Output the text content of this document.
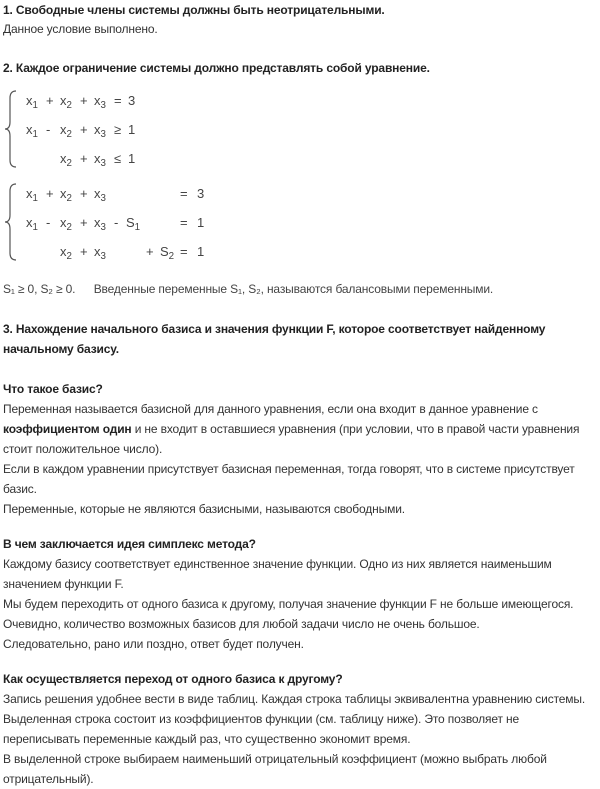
1. Свободные члены системы должны быть неотрицательными.
Данное условие выполнено.
2. Каждое ограничение системы должно представлять собой уравнение.
$x_1 + x_2 + x_3 = 3$
$x_1 - x_2 + x_3 \ge 1$
$x_2 + x_3 \le 1$
$x_1 + x_2 + x_3$	= 3
$x_1 - x_2 + x_3 - S_1$	= 1
$x_2 + x_3$	+ $S_2 = 1$
S₁ ≥ 0, S₂ ≥ 0. Введенные переменные S₁, S₂, называются балансовыми переменными.
3. Нахождение начального базиса и значения функции F, которое соответствует найденному
начальному базису.
Что такое базис?
Переменная называется базисной для данного уравнения, если она входит в данное уравнение с
коэффициентом один и не входит в оставшиеся уравнения (при условии, что в правой части уравнения
стоит положительное число).
Если в каждом уравнении присутствует базисная переменная, тогда говорят, что в системе присутствует
базис.
Переменные, которые не являются базисными, называются свободными.
В чем заключается идея симплекс метода?
Каждому базису соответствует единственное значение функции. Одно из них является наименьшим
значением функции F.
Мы будем переходить от одного базиса к другому, получая значение функции F не больше имеющегося.
Очевидно, количество возможных базисов для любой задачи число не очень большое.
Следовательно, рано или поздно, ответ будет получен.
Как осуществляется переход от одного базиса к другому?
Запись решения удобнее вести в виде таблиц. Каждая строка таблицы эквивалентна уравнению системы.
Выделенная строка состоит из коэффициентов функции (см. таблицу ниже). Это позволяет не
переписывать переменные каждый раз, что существенно экономит время.
В выделенной строке выбираем наименьший отрицательный коэффициент (можно выбрать любой
отрицательный).
